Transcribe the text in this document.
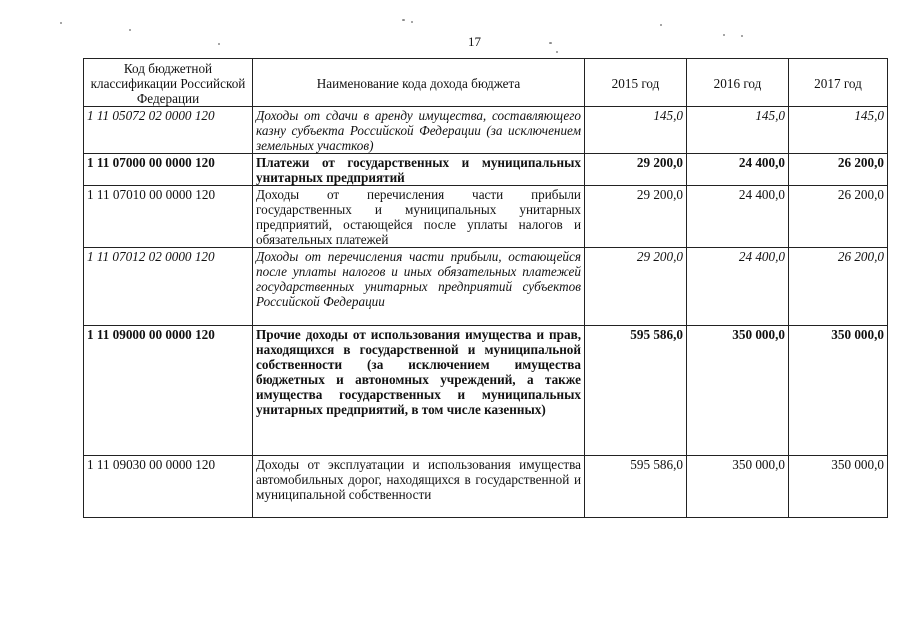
17
Код бюджетной классификации Российской Федерации	Наименование кода дохода бюджета	2015 год	2016 год	2017 год
1 11 05072 02 0000 120	Доходы от сдачи в аренду имущества, составляющего казну субъекта Российской Федерации (за исключением земельных участков)	145,0	145,0	145,0
1 11 07000 00 0000 120	Платежи от государственных и муниципальных унитарных предприятий	29 200,0	24 400,0	26 200,0
1 11 07010 00 0000 120	Доходы от перечисления части прибыли государственных и муниципальных унитарных предприятий, остающейся после уплаты налогов и обязательных платежей	29 200,0	24 400,0	26 200,0
1 11 07012 02 0000 120	Доходы от перечисления части прибыли, остающейся после уплаты налогов и иных обязательных платежей государственных унитарных предприятий субъектов Российской Федерации	29 200,0	24 400,0	26 200,0
1 11 09000 00 0000 120	Прочие доходы от использования имущества и прав, находящихся в государственной и муниципальной собственности (за исключением имущества бюджетных и автономных учреждений, а также имущества государственных и муниципальных унитарных предприятий, в том числе казенных)	595 586,0	350 000,0	350 000,0
1 11 09030 00 0000 120	Доходы от эксплуатации и использования имущества автомобильных дорог, находящихся в государственной и муниципальной собственности	595 586,0	350 000,0	350 000,0
